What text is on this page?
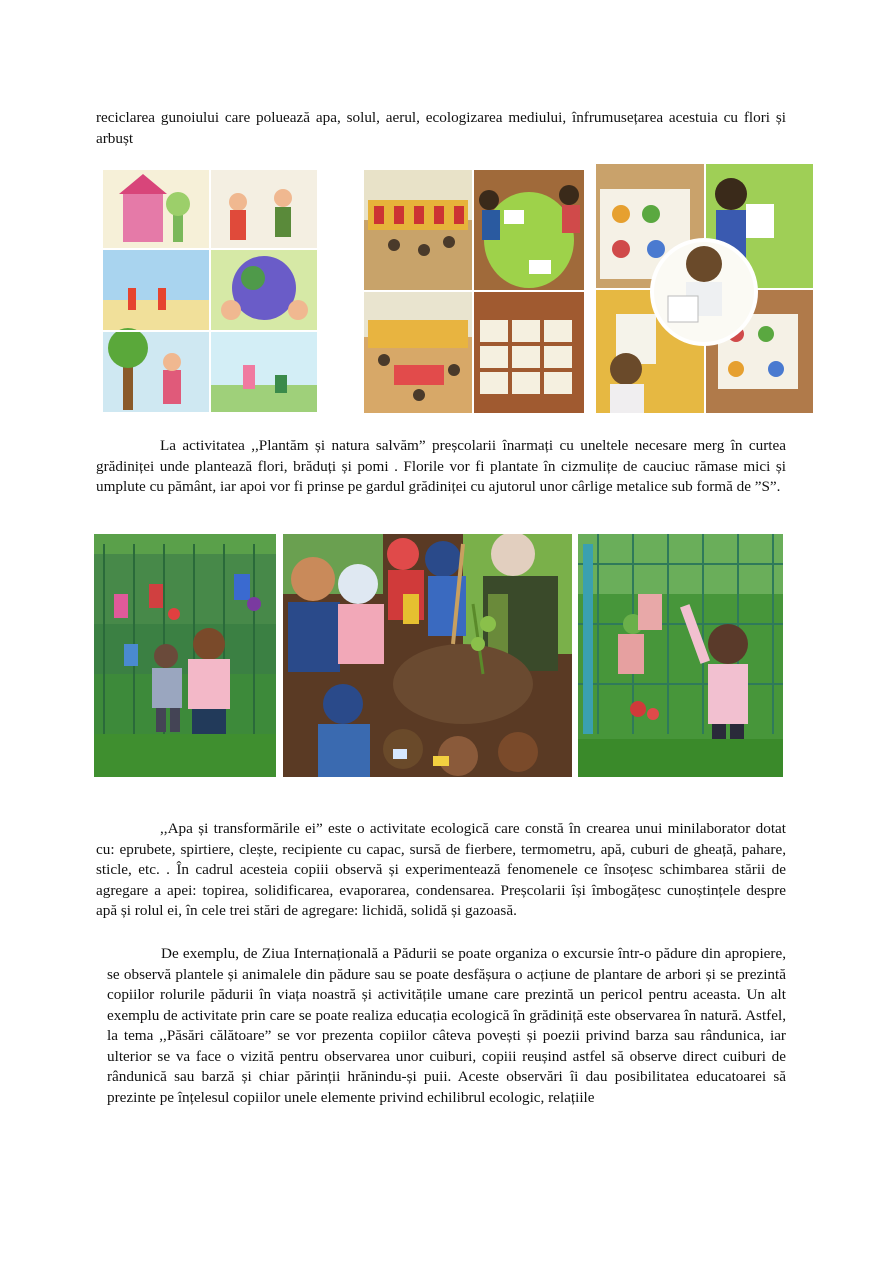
reciclarea gunoiului care poluează apa, solul, aerul, ecologizarea mediului, înfrumusețarea acestuia cu flori și arbușt

La activitatea ,,Plantăm și natura salvăm” preșcolarii înarmați cu uneltele necesare merg în curtea grădiniței unde plantează flori, brăduți și pomi . Florile vor fi plantate în cizmulițe de cauciuc rămase mici și umplute cu pământ, iar apoi vor fi prinse pe gardul grădiniței cu ajutorul unor cârlige metalice sub formă de ”S”.

,,Apa și transformările ei” este o activitate ecologică care constă în crearea unui minilaborator dotat cu: eprubete, spirtiere, clește, recipiente cu capac, sursă de fierbere, termometru, apă, cuburi de gheață, pahare, sticle, etc. . În cadrul acesteia copiii observă și experimentează fenomenele ce însoțesc schimbarea stării de agregare a apei: topirea, solidificarea, evaporarea, condensarea. Preșcolarii își îmbogățesc cunoștințele despre apă și rolul ei, în cele trei stări de agregare: lichidă, solidă și gazoasă.

De exemplu, de Ziua Internațională a Pădurii se poate organiza o excursie într-o pădure din apropiere, se observă plantele și animalele din pădure sau se poate desfășura o acțiune de plantare de arbori și se prezintă copiilor rolurile pădurii în viața noastră și activitățile umane care prezintă un pericol pentru aceasta. Un alt exemplu de activitate prin care se poate realiza educația ecologică în grădiniță este observarea în natură. Astfel, la tema ,,Păsări călătoare” se vor prezenta copiilor câteva povești și poezii privind barza sau rândunica, iar ulterior se va face o vizită pentru observarea unor cuiburi, copiii reușind astfel să observe direct cuiburi de rândunică sau barză și chiar părinții hrănindu-și puii. Aceste observări îi dau posibilitatea educatoarei să prezinte pe înțelesul copiilor unele elemente privind echilibrul ecologic, relațiile
